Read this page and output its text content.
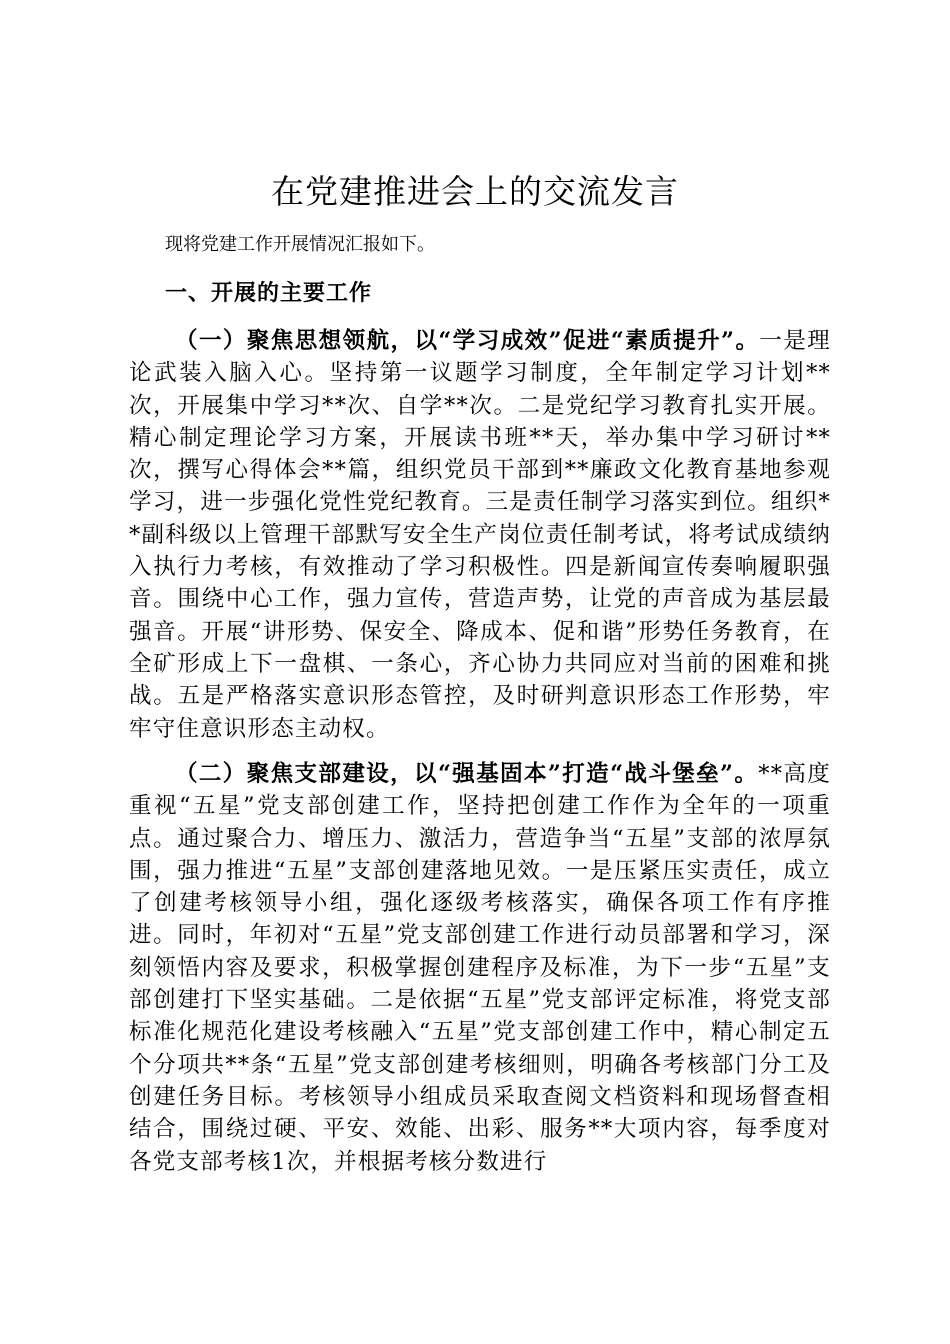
在党建推进会上的交流发言

现将党建工作开展情况汇报如下。

一、开展的主要工作

（一）聚焦思想领航，以“学习成效”促进“素质提升”。一是理论武装入脑入心。坚持第一议题学习制度，全年制定学习计划**次，开展集中学习**次、自学**次。二是党纪学习教育扎实开展。精心制定理论学习方案，开展读书班**天，举办集中学习研讨**次，撰写心得体会**篇，组织党员干部到**廉政文化教育基地参观学习，进一步强化党性党纪教育。三是责任制学习落实到位。组织**副科级以上管理干部默写安全生产岗位责任制考试，将考试成绩纳入执行力考核，有效推动了学习积极性。四是新闻宣传奏响履职强音。围绕中心工作，强力宣传，营造声势，让党的声音成为基层最强音。开展“讲形势、保安全、降成本、促和谐”形势任务教育，在全矿形成上下一盘棋、一条心，齐心协力共同应对当前的困难和挑战。五是严格落实意识形态管控，及时研判意识形态工作形势，牢牢守住意识形态主动权。

（二）聚焦支部建设，以“强基固本”打造“战斗堡垒”。**高度重视“五星”党支部创建工作，坚持把创建工作作为全年的一项重点。通过聚合力、增压力、激活力，营造争当“五星”支部的浓厚氛围，强力推进“五星”支部创建落地见效。一是压紧压实责任，成立了创建考核领导小组，强化逐级考核落实，确保各项工作有序推进。同时，年初对“五星”党支部创建工作进行动员部署和学习，深刻领悟内容及要求，积极掌握创建程序及标准，为下一步“五星”支部创建打下坚实基础。二是依据“五星”党支部评定标准，将党支部标准化规范化建设考核融入“五星”党支部创建工作中，精心制定五个分项共**条“五星”党支部创建考核细则，明确各考核部门分工及创建任务目标。考核领导小组成员采取查阅文档资料和现场督查相结合，围绕过硬、平安、效能、出彩、服务**大项内容，每季度对各党支部考核1次，并根据考核分数进行
